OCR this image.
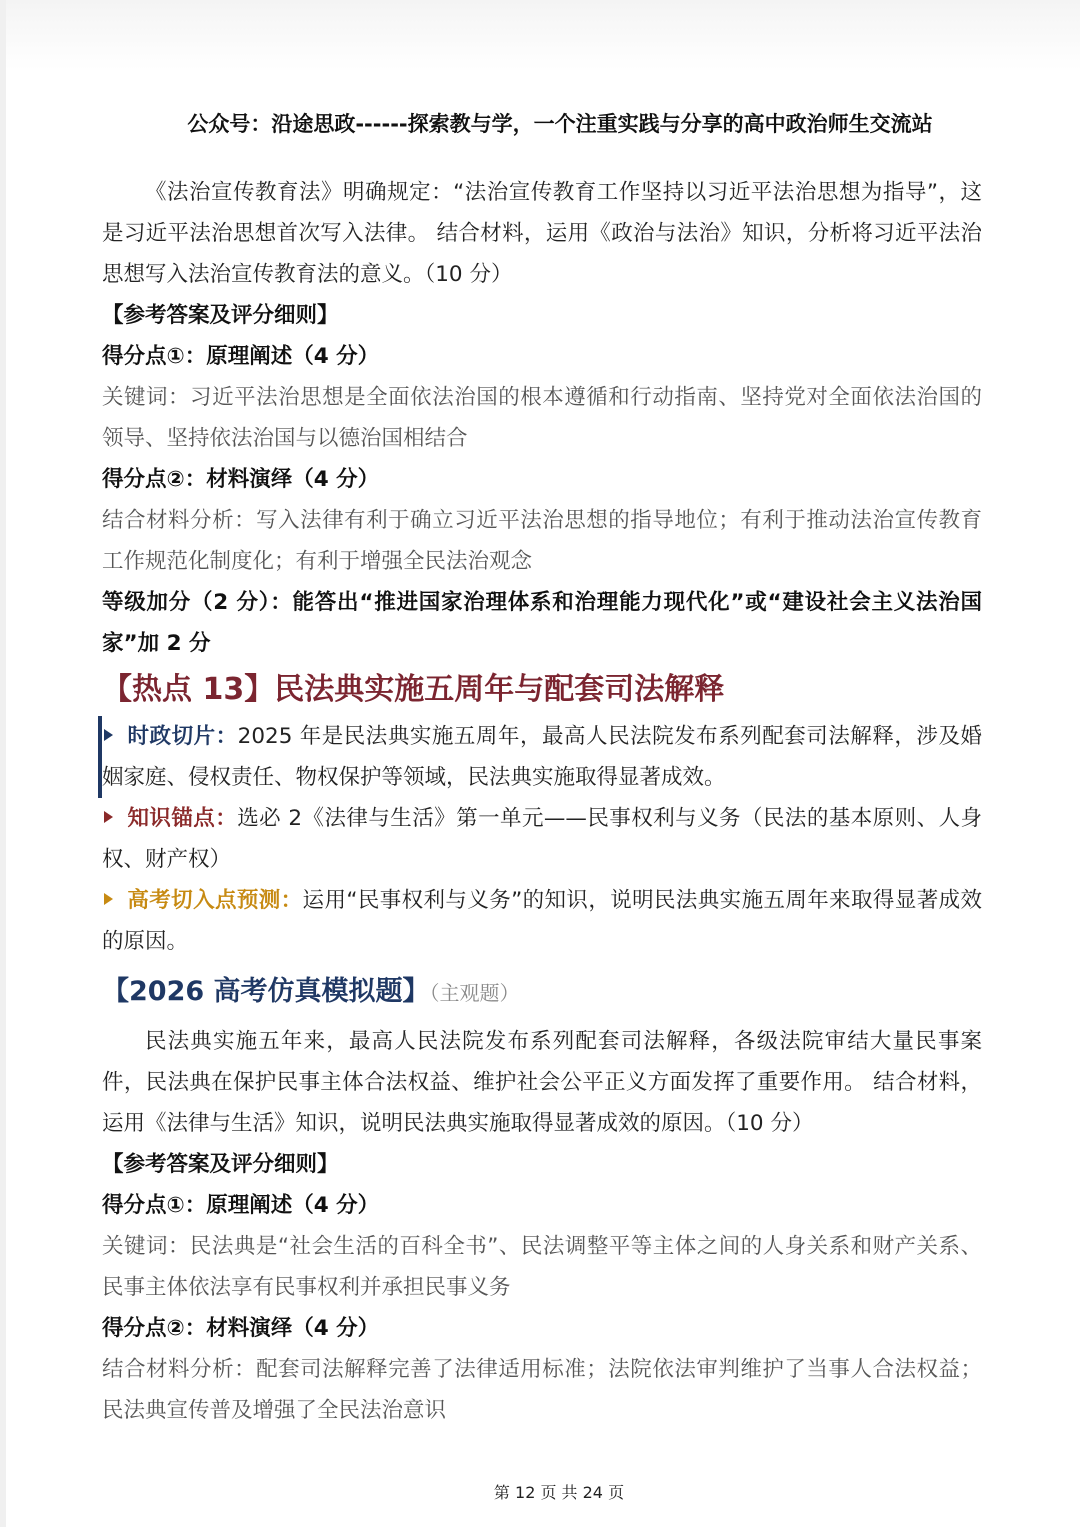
公众号：沿途思政------探索教与学，一个注重实践与分享的高中政治师生交流站

《法治宣传教育法》明确规定：“法治宣传教育工作坚持以习近平法治思想为指导”，这是习近平法治思想首次写入法律。 结合材料，运用《政治与法治》知识，分析将习近平法治思想写入法治宣传教育法的意义。（10 分）

【参考答案及评分细则】

得分点①：原理阐述（4 分）

关键词：习近平法治思想是全面依法治国的根本遵循和行动指南、坚持党对全面依法治国的领导、坚持依法治国与以德治国相结合

得分点②：材料演绎（4 分）

结合材料分析：写入法律有利于确立习近平法治思想的指导地位；有利于推动法治宣传教育工作规范化制度化；有利于增强全民法治观念

等级加分（2 分）：能答出“推进国家治理体系和治理能力现代化”或“建设社会主义法治国家”加 2 分

【热点 13】民法典实施五周年与配套司法解释

时政切片：2025 年是民法典实施五周年，最高人民法院发布系列配套司法解释，涉及婚姻家庭、侵权责任、物权保护等领域，民法典实施取得显著成效。

知识锚点：选必 2《法律与生活》第一单元——民事权利与义务（民法的基本原则、人身权、财产权）

高考切入点预测：运用“民事权利与义务”的知识，说明民法典实施五周年来取得显著成效的原因。

【2026 高考仿真模拟题】（主观题）

民法典实施五年来，最高人民法院发布系列配套司法解释，各级法院审结大量民事案件，民法典在保护民事主体合法权益、维护社会公平正义方面发挥了重要作用。 结合材料，运用《法律与生活》知识，说明民法典实施取得显著成效的原因。（10 分）

【参考答案及评分细则】

得分点①：原理阐述（4 分）

关键词：民法典是“社会生活的百科全书”、民法调整平等主体之间的人身关系和财产关系、民事主体依法享有民事权利并承担民事义务

得分点②：材料演绎（4 分）

结合材料分析：配套司法解释完善了法律适用标准；法院依法审判维护了当事人合法权益；民法典宣传普及增强了全民法治意识

第 12 页 共 24 页
